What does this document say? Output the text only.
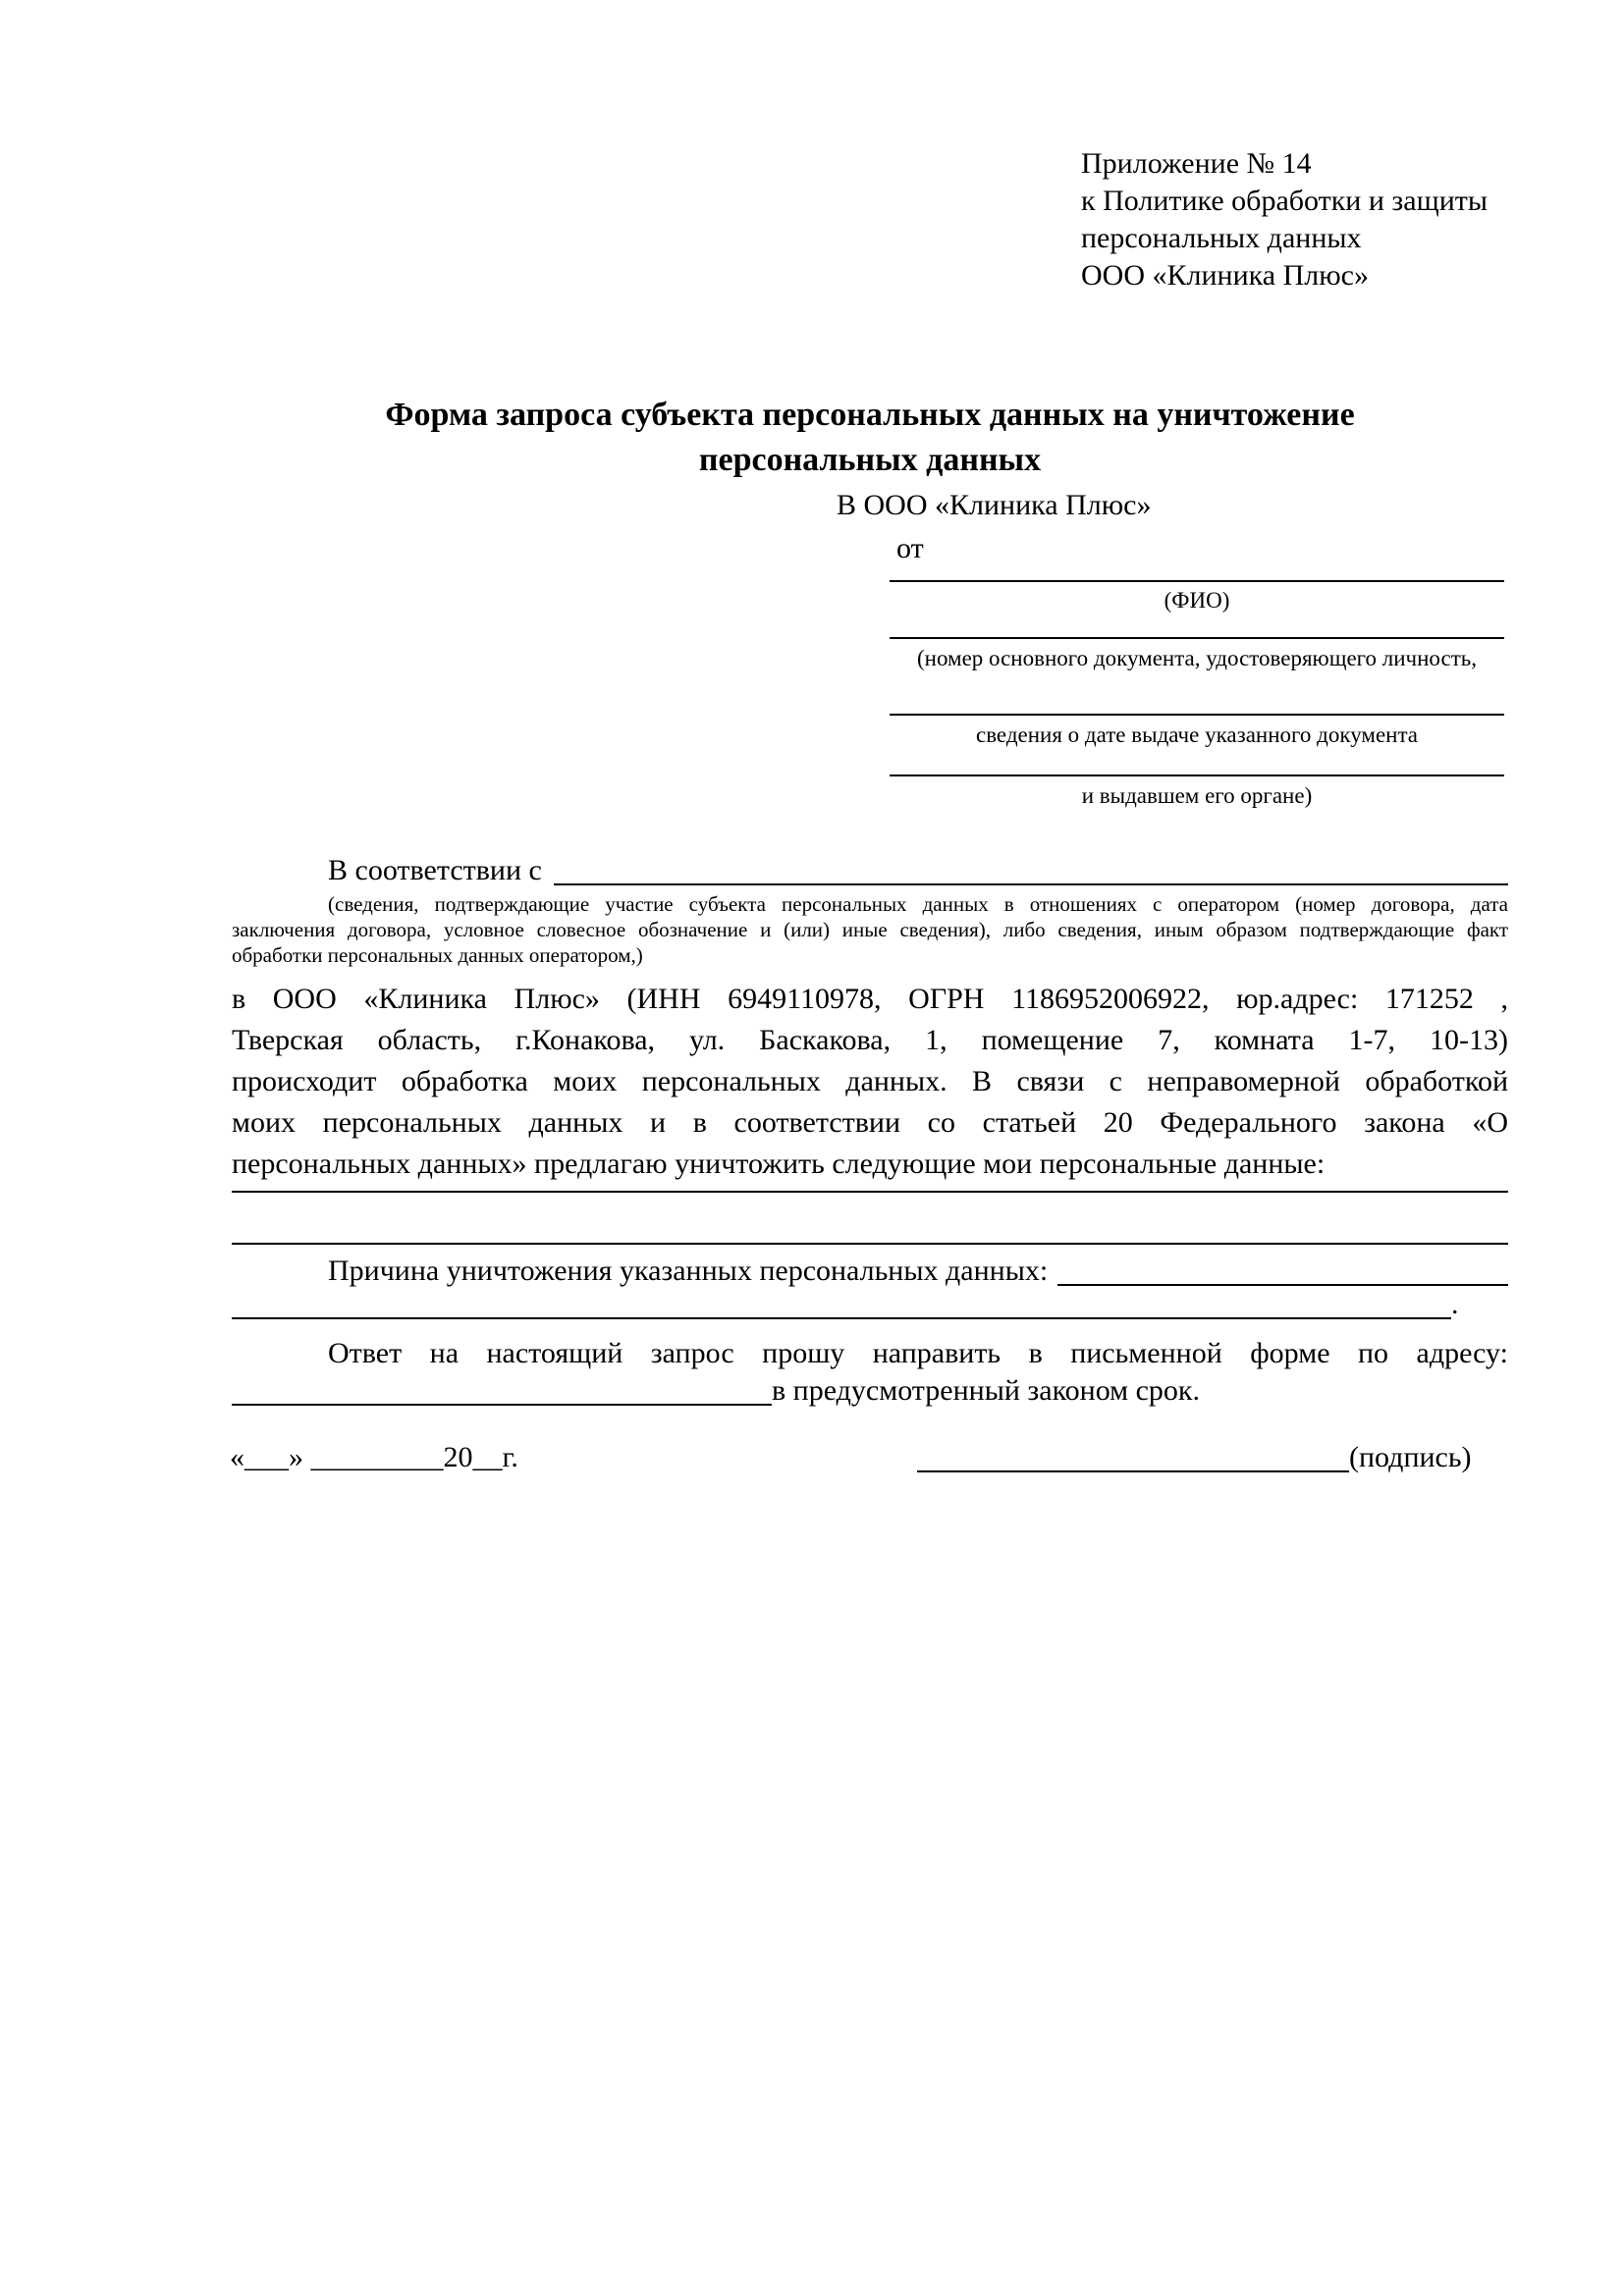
Приложение № 14
к Политике обработки и защиты
персональных данных
ООО «Клиника Плюс»
Форма запроса субъекта персональных данных на уничтожение
персональных данных
В ООО «Клиника Плюс»
от
(ФИО)
(номер основного документа, удостоверяющего личность,
сведения о дате выдаче указанного документа
и выдавшем его органе)
В соответствии с
(сведения, подтверждающие участие субъекта персональных данных в отношениях с оператором (номер договора, дата
заключения договора, условное словесное обозначение и (или) иные сведения), либо сведения, иным образом подтверждающие факт
обработки персональных данных оператором,)
в ООО «Клиника Плюс» (ИНН 6949110978, ОГРН 1186952006922, юр.адрес: 171252 ,
Тверская область, г.Конакова, ул. Баскакова, 1, помещение 7, комната 1-7, 10-13)
происходит обработка моих персональных данных. В связи с неправомерной обработкой
моих персональных данных и в соответствии со статьей 20 Федерального закона «О
персональных данных» предлагаю уничтожить следующие мои персональные данные:
Причина уничтожения указанных персональных данных:
.
Ответ на настоящий запрос прошу направить в письменной форме по адресу:
в предусмотренный законом срок.
«___» _________20__г.	(подпись)
